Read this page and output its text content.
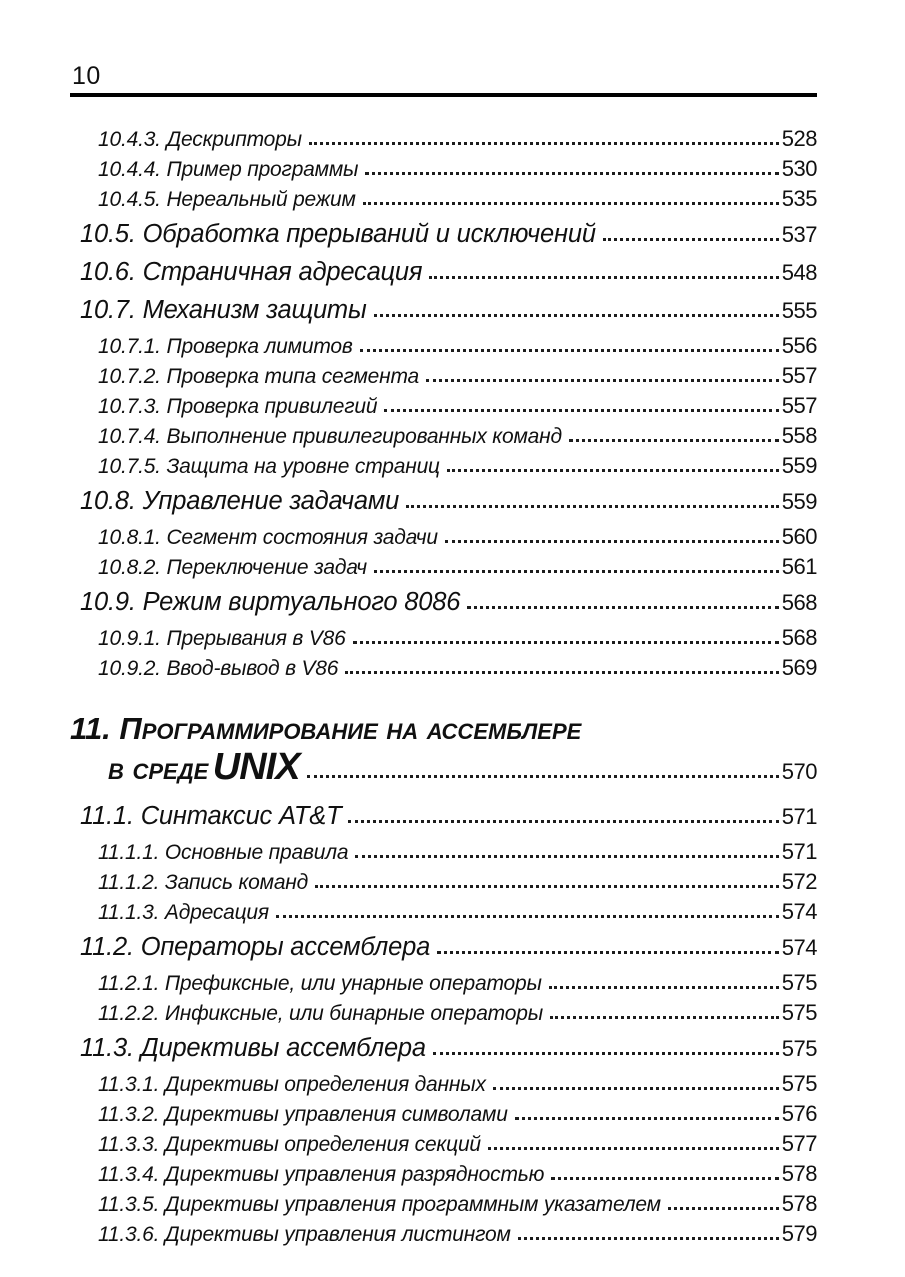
10
10.4.3. Дескрипторы	528
10.4.4. Пример программы	530
10.4.5. Нереальный режим	535
10.5. Обработка прерываний и исключений	537
10.6. Страничная адресация	548
10.7. Механизм защиты	555
10.7.1. Проверка лимитов	556
10.7.2. Проверка типа сегмента	557
10.7.3. Проверка привилегий	557
10.7.4. Выполнение привилегированных команд	558
10.7.5. Защита на уровне страниц	559
10.8. Управление задачами	559
10.8.1. Сегмент состояния задачи	560
10.8.2. Переключение задач	561
10.9. Режим виртуального 8086	568
10.9.1. Прерывания в V86	568
10.9.2. Ввод-вывод в V86	569
11. Программирование на ассемблере
в среде UNIX	570
11.1. Синтаксис AT&T	571
11.1.1. Основные правила	571
11.1.2. Запись команд	572
11.1.3. Адресация	574
11.2. Операторы ассемблера	574
11.2.1. Префиксные, или унарные операторы	575
11.2.2. Инфиксные, или бинарные операторы	575
11.3. Директивы ассемблера	575
11.3.1. Директивы определения данных	575
11.3.2. Директивы управления символами	576
11.3.3. Директивы определения секций	577
11.3.4. Директивы управления разрядностью	578
11.3.5. Директивы управления программным указателем	578
11.3.6. Директивы управления листингом	579
